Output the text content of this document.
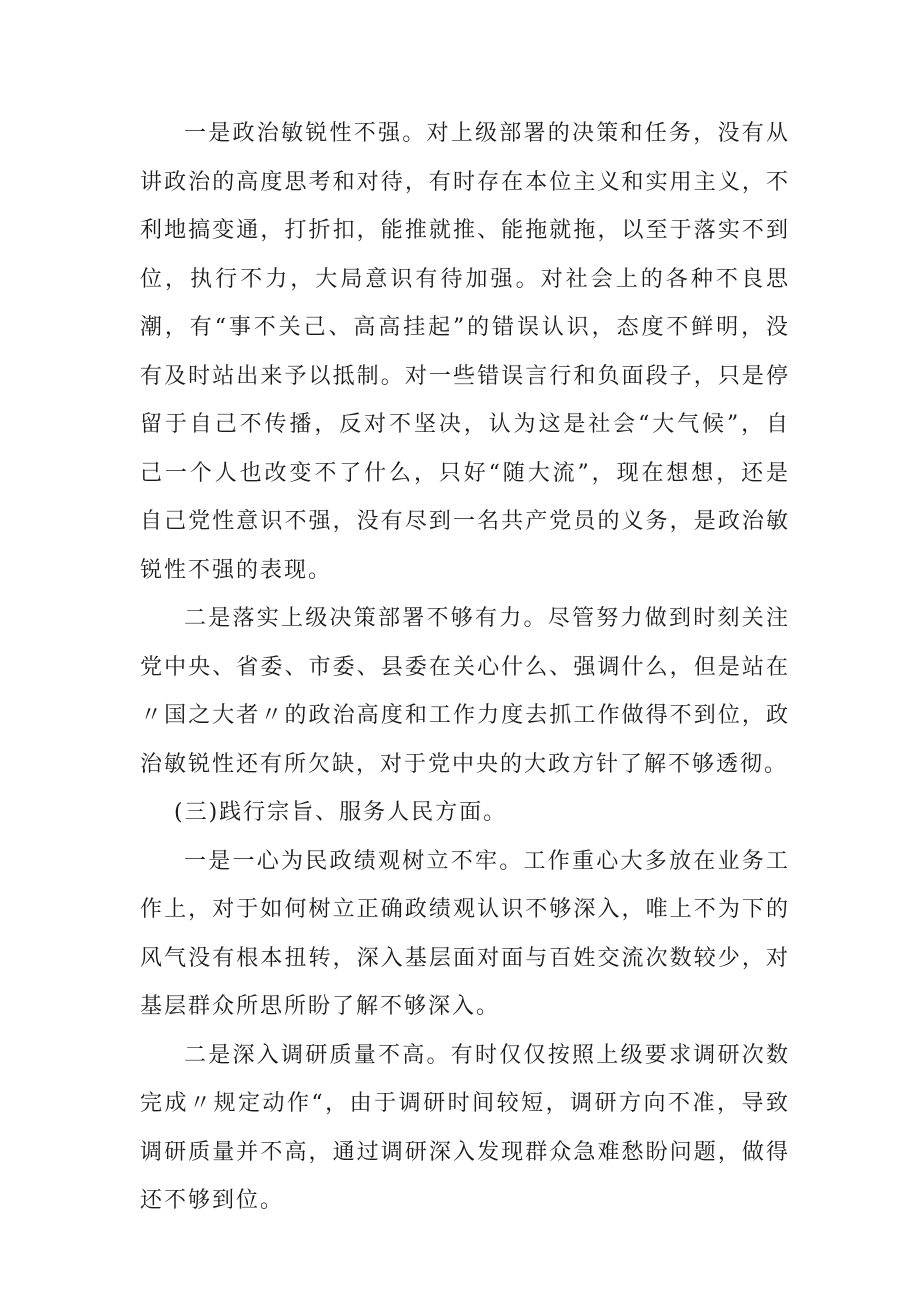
一是政治敏锐性不强。对上级部署的决策和任务，没有从讲政治的高度思考和对待，有时存在本位主义和实用主义，不利地搞变通，打折扣，能推就推、能拖就拖，以至于落实不到位，执行不力，大局意识有待加强。对社会上的各种不良思潮，有“事不关己、高高挂起”的错误认识，态度不鲜明，没有及时站出来予以抵制。对一些错误言行和负面段子，只是停留于自己不传播，反对不坚决，认为这是社会“大气候”，自己一个人也改变不了什么，只好“随大流”，现在想想，还是自己党性意识不强，没有尽到一名共产党员的义务，是政治敏锐性不强的表现。

二是落实上级决策部署不够有力。尽管努力做到时刻关注党中央、省委、市委、县委在关心什么、强调什么，但是站在〃国之大者〃的政治高度和工作力度去抓工作做得不到位，政治敏锐性还有所欠缺，对于党中央的大政方针了解不够透彻。

(三)践行宗旨、服务人民方面。

一是一心为民政绩观树立不牢。工作重心大多放在业务工作上，对于如何树立正确政绩观认识不够深入，唯上不为下的风气没有根本扭转，深入基层面对面与百姓交流次数较少，对基层群众所思所盼了解不够深入。

二是深入调研质量不高。有时仅仅按照上级要求调研次数完成〃规定动作“，由于调研时间较短，调研方向不准，导致调研质量并不高，通过调研深入发现群众急难愁盼问题，做得还不够到位。
